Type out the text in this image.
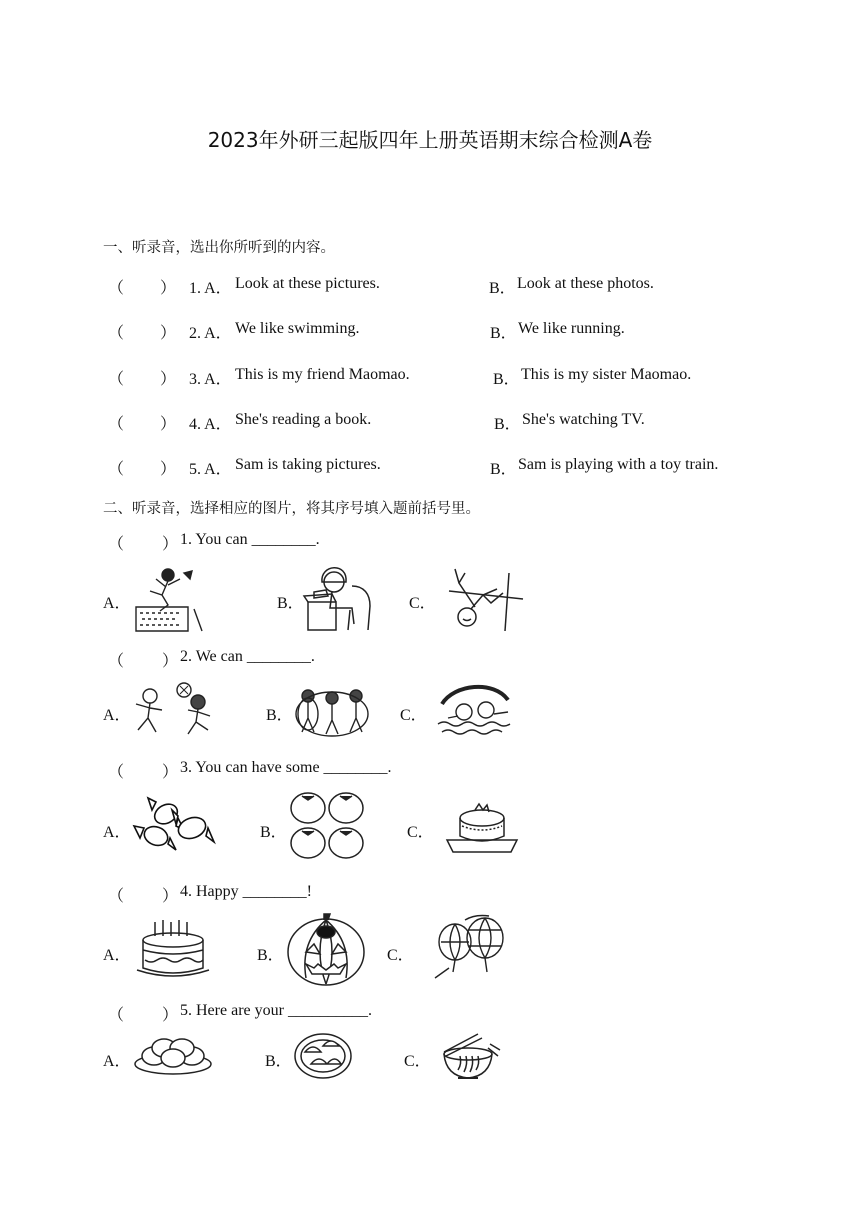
2023年外研三起版四年上册英语期末综合检测A卷
一、听录音，选出你所听到的内容。
（ ） 1. A． Look at these pictures.	B． Look at these photos.
（ ） 2. A． We like swimming.	B． We like running.
（ ） 3. A． This is my friend Maomao.	B． This is my sister Maomao.
（ ） 4. A． She's reading a book.	B． She's watching TV.
（ ） 5. A． Sam is taking pictures.	B． Sam is playing with a toy train.
二、听录音，选择相应的图片，将其序号填入题前括号里。
（ ） 1. You can ________.
A．	B．	C．
（ ） 2. We can ________.
A．	B．	C．
（ ） 3. You can have some ________.
A．	B．	C．
（ ） 4. Happy ________!
A．	B．	C．
（ ） 5. Here are your __________.
A．	B．	C．
